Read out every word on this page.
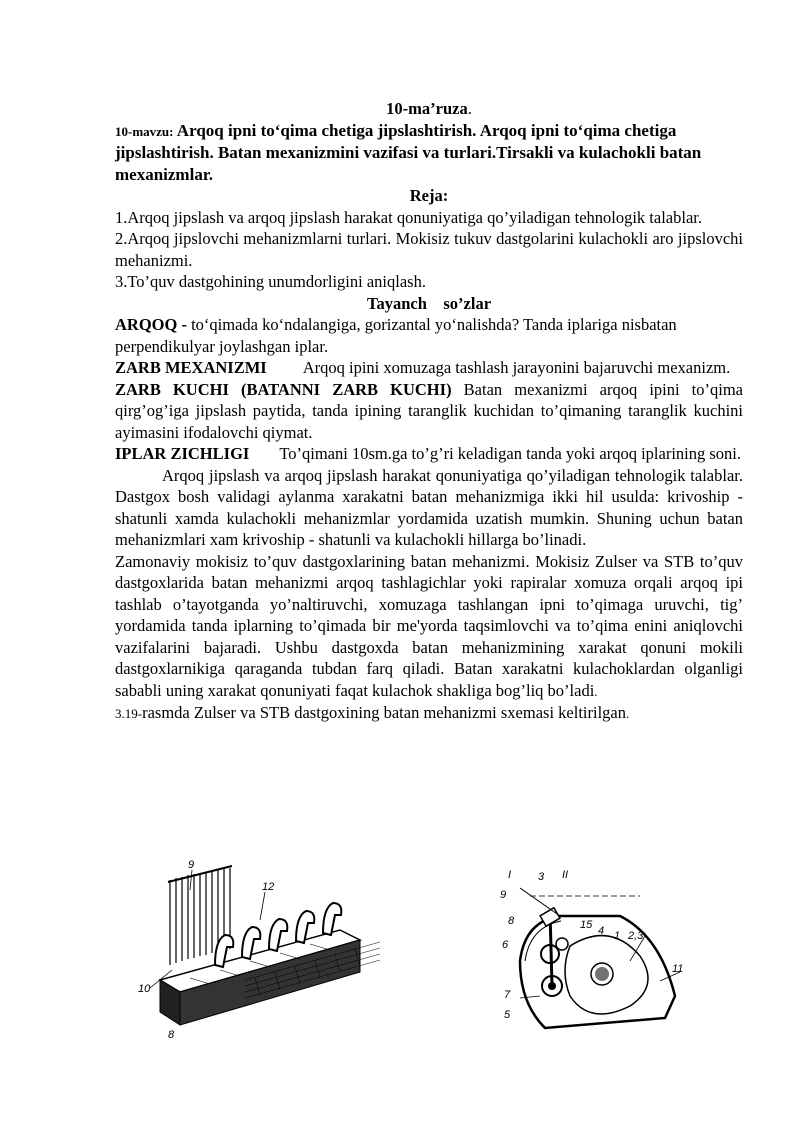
10-ma’ruza.

10-mavzu: Arqoq ipni to‘qima chetiga jipslashtirish. Arqoq ipni to‘qima chetiga jipslashtirish. Batan mexanizmini vazifasi va turlari.Tirsakli va kulachokli batan mexanizmlar.

Reja:

1.Arqoq jipslash va arqoq jipslash harakat qonuniyatiga qo’yiladigan tehnologik talablar.

2.Arqoq jipslovchi mehanizmlarni turlari. Mokisiz tukuv dastgolarini kulachokli aro jipslovchi mehanizmi.

3.To’quv dastgohining unumdorligini aniqlash.

Tayanch    so’zlar

ARQOQ - to‘qimada ko‘ndalangiga, gorizantal yo‘nalishda? Tanda iplariga nisbatan perpendikulyar joylashgan iplar.

ZARB MEXANIZMI Arqoq ipini xomuzaga tashlash jarayonini bajaruvchi mexanizm.

ZARB KUCHI (BATANNI ZARB KUCHI) Batan mexanizmi arqoq ipini to’qima qirg’og’iga jipslash paytida, tanda ipining taranglik kuchidan to’qimaning taranglik kuchini ayimasini ifodalovchi qiymat.

IPLAR ZICHLIGI To’qimani 10sm.ga to’g’ri keladigan tanda yoki arqoq iplarining soni.

Arqoq jipslash va arqoq jipslash harakat qonuniyatiga qo’yiladigan tehnologik talablar. Dastgox bosh validagi aylanma xarakatni batan mehanizmiga ikki hil usulda: krivoship - shatunli xamda kulachokli mehanizmlar yordamida uzatish mumkin. Shuning uchun batan mehanizmlari xam krivoship - shatunli va kulachokli hillarga bo’linadi.

Zamonaviy mokisiz to’quv dastgoxlarining batan mehanizmi. Mokisiz Zulser va STB to’quv dastgoxlarida batan mehanizmi arqoq tashlagichlar yoki rapiralar xomuza orqali arqoq ipi tashlab o’tayotganda yo’naltiruvchi, xomuzaga tashlangan ipni to’qimaga uruvchi, tig’ yordamida tanda iplarning to’qimada bir me'yorda taqsimlovchi va to’qima enini aniqlovchi vazifalarini bajaradi. Ushbu dastgoxda batan mehanizmining xarakat qonuni mokili dastgoxlarnikiga qaraganda tubdan farq qiladi. Batan xarakatni kulachoklardan olganligi sababli uning xarakat qonuniyati faqat kulachok shakliga bog’liq bo’ladi.

3.19-rasmda Zulser va STB dastgoxining batan mehanizmi sxemasi keltirilgan.

9
12
10
8
I 3 II
9
8	15 4 1 2,3
6
7
5
11
